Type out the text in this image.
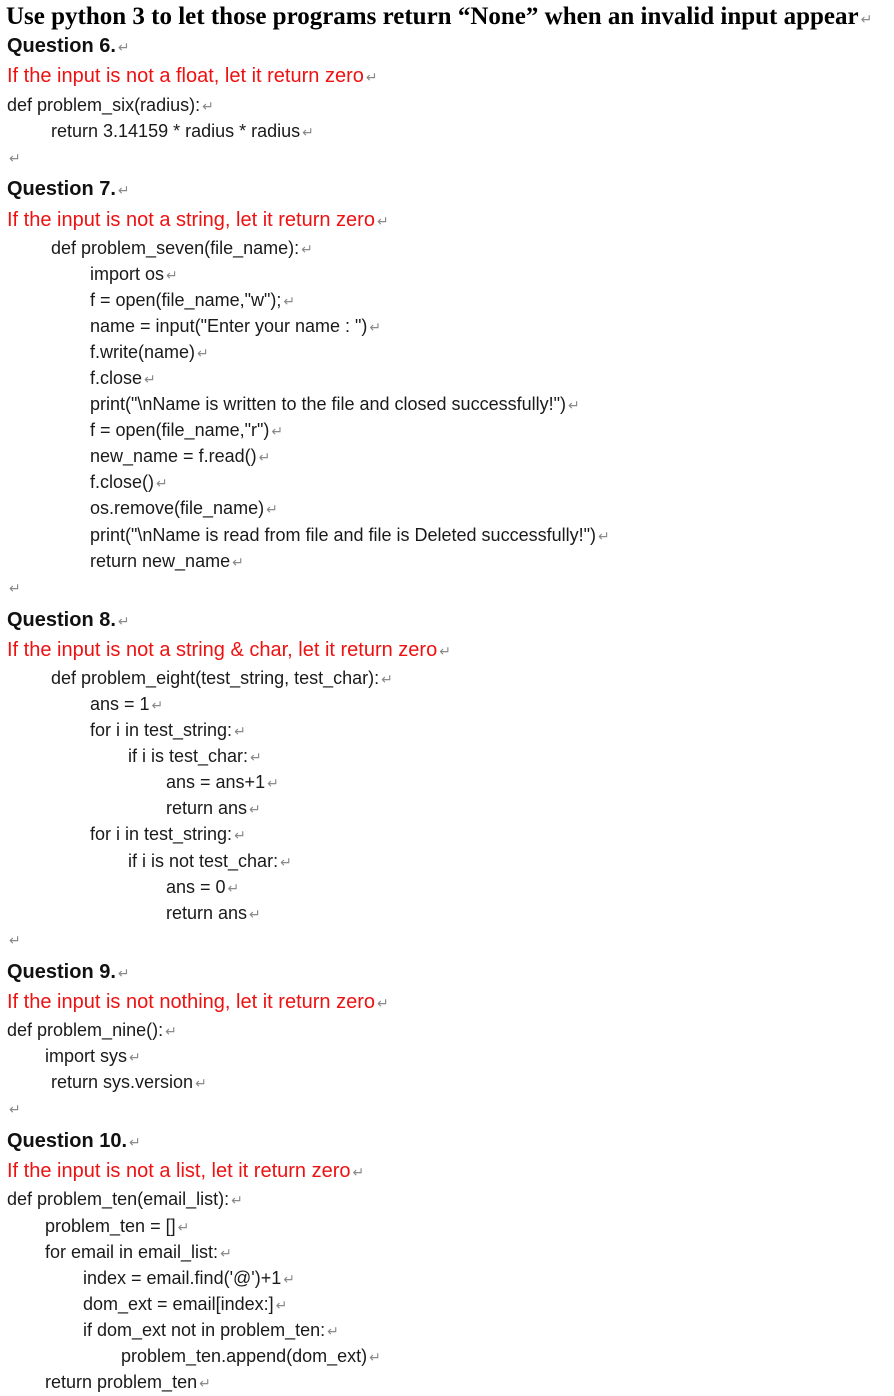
Use python 3 to let those programs return “None” when an invalid input appear ↵
Question 6. ↵
If the input is not a float, let it return zero ↵
def problem_six(radius): ↵
return 3.14159 * radius * radius ↵
↵
Question 7. ↵
If the input is not a string, let it return zero ↵
def problem_seven(file_name): ↵
import os ↵
f = open(file_name,"w"); ↵
name = input("Enter your name : ") ↵
f.write(name) ↵
f.close ↵
print("\nName is written to the file and closed successfully!") ↵
f = open(file_name,"r") ↵
new_name = f.read() ↵
f.close() ↵
os.remove(file_name) ↵
print("\nName is read from file and file is Deleted successfully!") ↵
return new_name ↵
↵
Question 8. ↵
If the input is not a string & char, let it return zero ↵
def problem_eight(test_string, test_char): ↵
ans = 1 ↵
for i in test_string: ↵
if i is test_char: ↵
ans = ans+1 ↵
return ans ↵
for i in test_string: ↵
if i is not test_char: ↵
ans = 0 ↵
return ans ↵
↵
Question 9. ↵
If the input is not nothing, let it return zero ↵
def problem_nine(): ↵
import sys ↵
return sys.version ↵
↵
Question 10. ↵
If the input is not a list, let it return zero ↵
def problem_ten(email_list): ↵
problem_ten = [] ↵
for email in email_list: ↵
index = email.find('@')+1 ↵
dom_ext = email[index:] ↵
if dom_ext not in problem_ten: ↵
problem_ten.append(dom_ext) ↵
return problem_ten ↵
